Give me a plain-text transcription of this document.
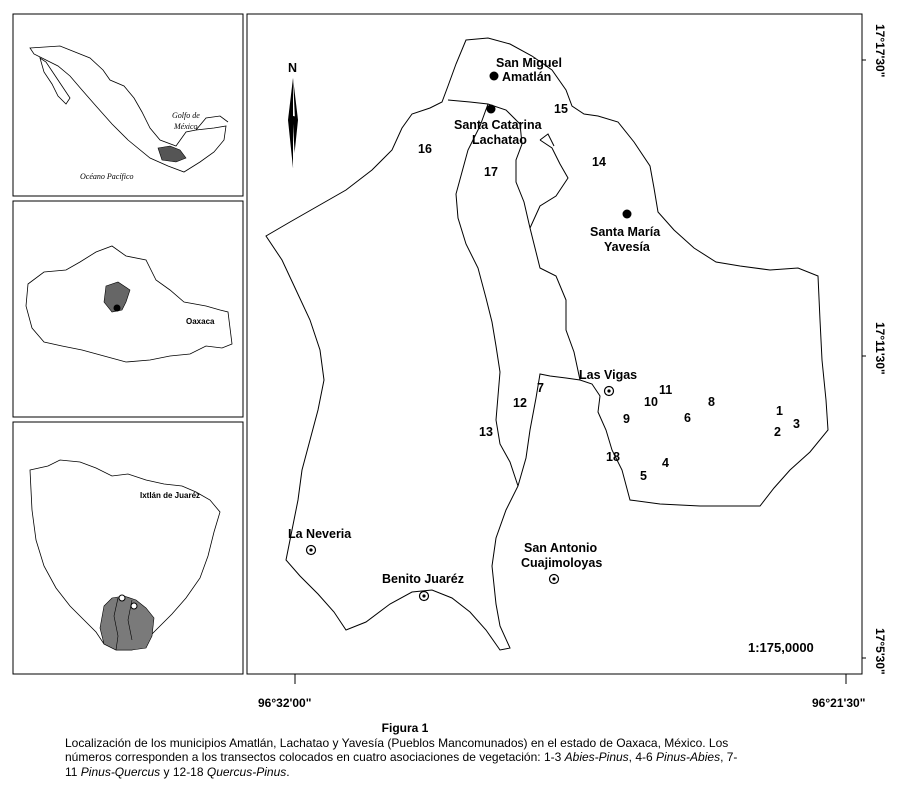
Golfo de
México
Océano Pacífico
Oaxaca
Ixtlán de Juaréz
N	San Miguel
Amatlán
Santa Catarina
Lachatao
Santa María
Yavesía
Las Vigas
La Neveria
Benito Juaréz
San Antonio
Cuajimoloyas
1
2
3
4
5
6
7
8
9
10
11
12
13
14
15
16
17
18
1:175,0000
17°17'30"
17°11'30"
17°5'30"
96°32'00"	96°21'30"
Figura 1
Localización de los municipios Amatlán, Lachatao y Yavesía (Pueblos Mancomunados) en el estado de Oaxaca, México. Los números corresponden a los transectos colocados en cuatro asociaciones de vegetación: 1-3 Abies-Pinus, 4-6 Pinus-Abies, 7-11 Pinus-Quercus y 12-18 Quercus-Pinus.
